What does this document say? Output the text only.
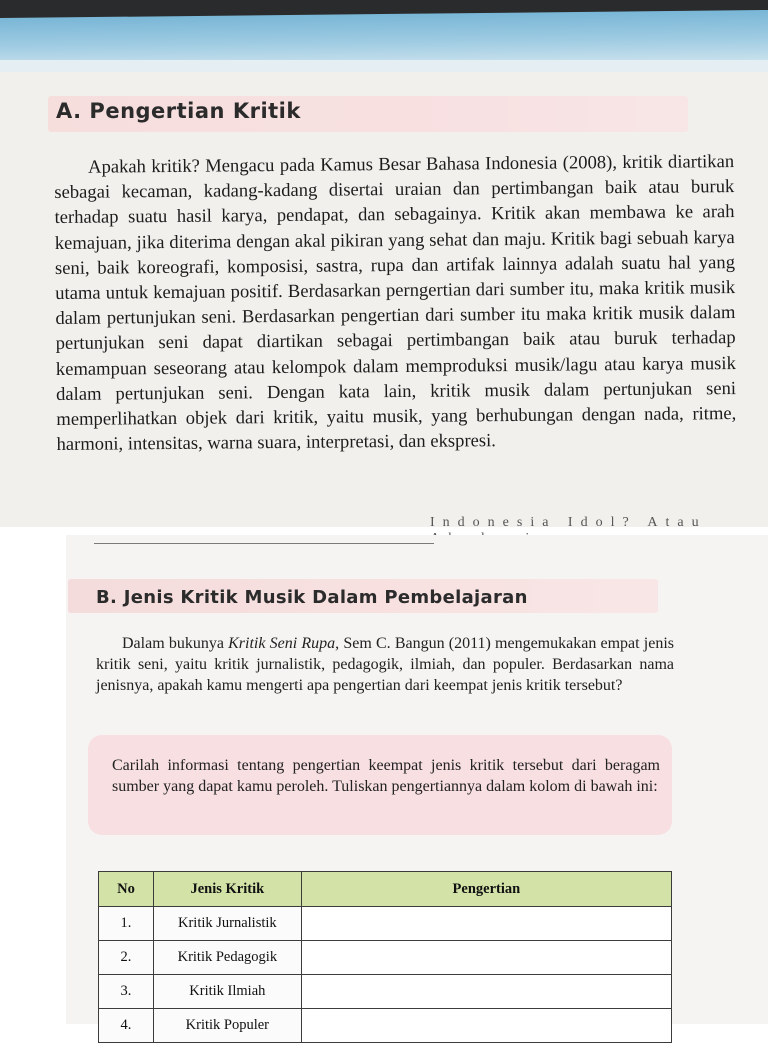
A. Pengertian Kritik
Apakah kritik? Mengacu pada Kamus Besar Bahasa Indonesia (2008), kritik diartikan sebagai kecaman, kadang-kadang disertai uraian dan pertimbangan baik atau buruk terhadap suatu hasil karya, pendapat, dan sebagainya. Kritik akan membawa ke arah kemajuan, jika diterima dengan akal pikiran yang sehat dan maju. Kritik bagi sebuah karya seni, baik koreografi, komposisi, sastra, rupa dan artifak lainnya adalah suatu hal yang utama untuk kemajuan positif. Berdasarkan perngertian dari sumber itu, maka kritik musik dalam pertunjukan seni. Berdasarkan pengertian dari sumber itu maka kritik musik dalam pertunjukan seni dapat diartikan sebagai pertimbangan baik atau buruk terhadap kemampuan seseorang atau kelompok dalam memproduksi musik/lagu atau karya musik dalam pertunjukan seni. Dengan kata lain, kritik musik dalam pertunjukan seni memperlihatkan objek dari kritik, yaitu musik, yang berhubungan dengan nada, ritme, harmoni, intensitas, warna suara, interpretasi, dan ekspresi.
Indonesia Idol? Atau
B. Jenis Kritik Musik Dalam Pembelajaran
Dalam bukunya Kritik Seni Rupa, Sem C. Bangun (2011) mengemukakan empat jenis kritik seni, yaitu kritik jurnalistik, pedagogik, ilmiah, dan populer. Berdasarkan nama jenisnya, apakah kamu mengerti apa pengertian dari keempat jenis kritik tersebut?
Carilah informasi tentang pengertian keempat jenis kritik tersebut dari beragam sumber yang dapat kamu peroleh. Tuliskan pengertiannya dalam kolom di bawah ini:
No	Jenis Kritik	Pengertian
1.	Kritik Jurnalistik	
2.	Kritik Pedagogik	
3.	Kritik Ilmiah	
4.	Kritik Populer	
